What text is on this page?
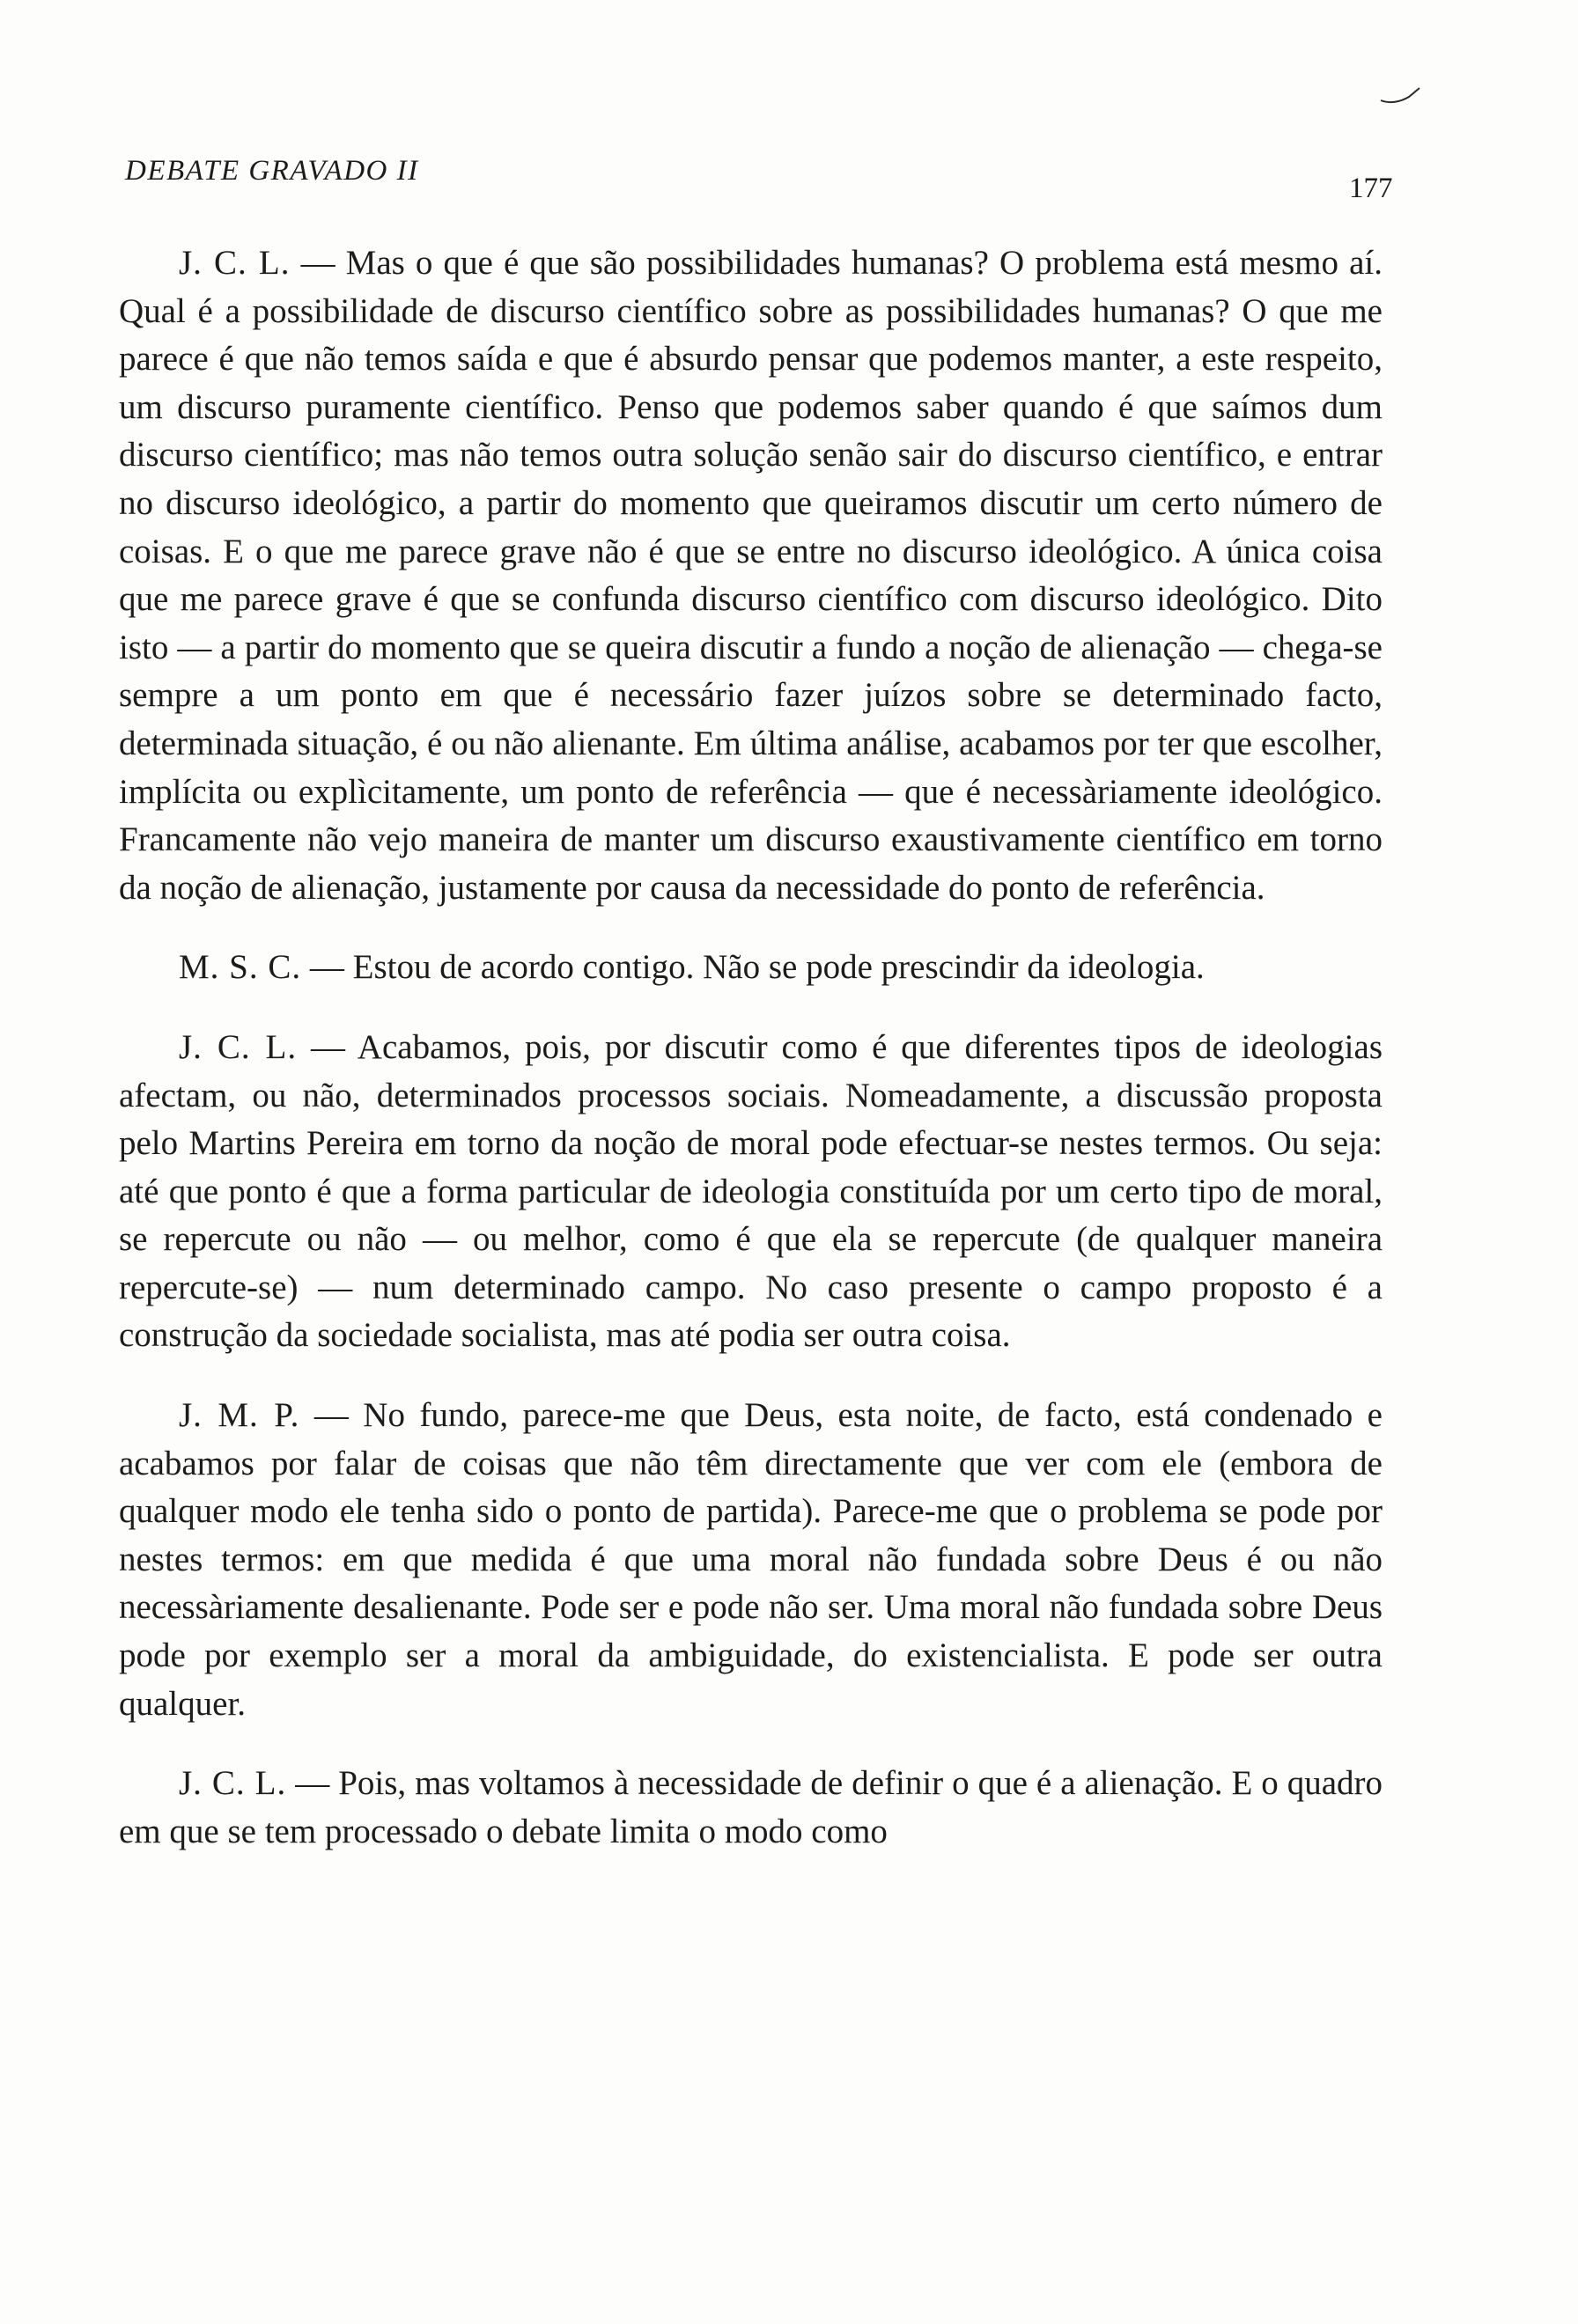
DEBATE GRAVADO II
177

J. C. L. — Mas o que é que são possibilidades humanas? O problema está mesmo aí. Qual é a possibilidade de discurso científico sobre as possibilidades humanas? O que me parece é que não temos saída e que é absurdo pensar que podemos manter, a este respeito, um discurso puramente científico. Penso que podemos saber quando é que saímos dum discurso científico; mas não temos outra solução senão sair do discurso científico, e entrar no discurso ideológico, a partir do momento que queiramos discutir um certo número de coisas. E o que me parece grave não é que se entre no discurso ideológico. A única coisa que me parece grave é que se confunda discurso científico com discurso ideológico. Dito isto — a partir do momento que se queira discutir a fundo a noção de alienação — chega-se sempre a um ponto em que é necessário fazer juízos sobre se determinado facto, determinada situação, é ou não alienante. Em última análise, acabamos por ter que escolher, implícita ou explìcitamente, um ponto de referência — que é necessàriamente ideológico. Francamente não vejo maneira de manter um discurso exaustivamente científico em torno da noção de alienação, justamente por causa da necessidade do ponto de referência.

M. S. C. — Estou de acordo contigo. Não se pode prescindir da ideologia.

J. C. L. — Acabamos, pois, por discutir como é que diferentes tipos de ideologias afectam, ou não, determinados processos sociais. Nomeadamente, a discussão proposta pelo Martins Pereira em torno da noção de moral pode efectuar-se nestes termos. Ou seja: até que ponto é que a forma particular de ideologia constituída por um certo tipo de moral, se repercute ou não — ou melhor, como é que ela se repercute (de qualquer maneira repercute-se) — num determinado campo. No caso presente o campo proposto é a construção da sociedade socialista, mas até podia ser outra coisa.

J. M. P. — No fundo, parece-me que Deus, esta noite, de facto, está condenado e acabamos por falar de coisas que não têm directamente que ver com ele (embora de qualquer modo ele tenha sido o ponto de partida). Parece-me que o problema se pode por nestes termos: em que medida é que uma moral não fundada sobre Deus é ou não necessàriamente desalienante. Pode ser e pode não ser. Uma moral não fundada sobre Deus pode por exemplo ser a moral da ambiguidade, do existencialista. E pode ser outra qualquer.

J. C. L. — Pois, mas voltamos à necessidade de definir o que é a alienação. E o quadro em que se tem processado o debate limita o modo como
